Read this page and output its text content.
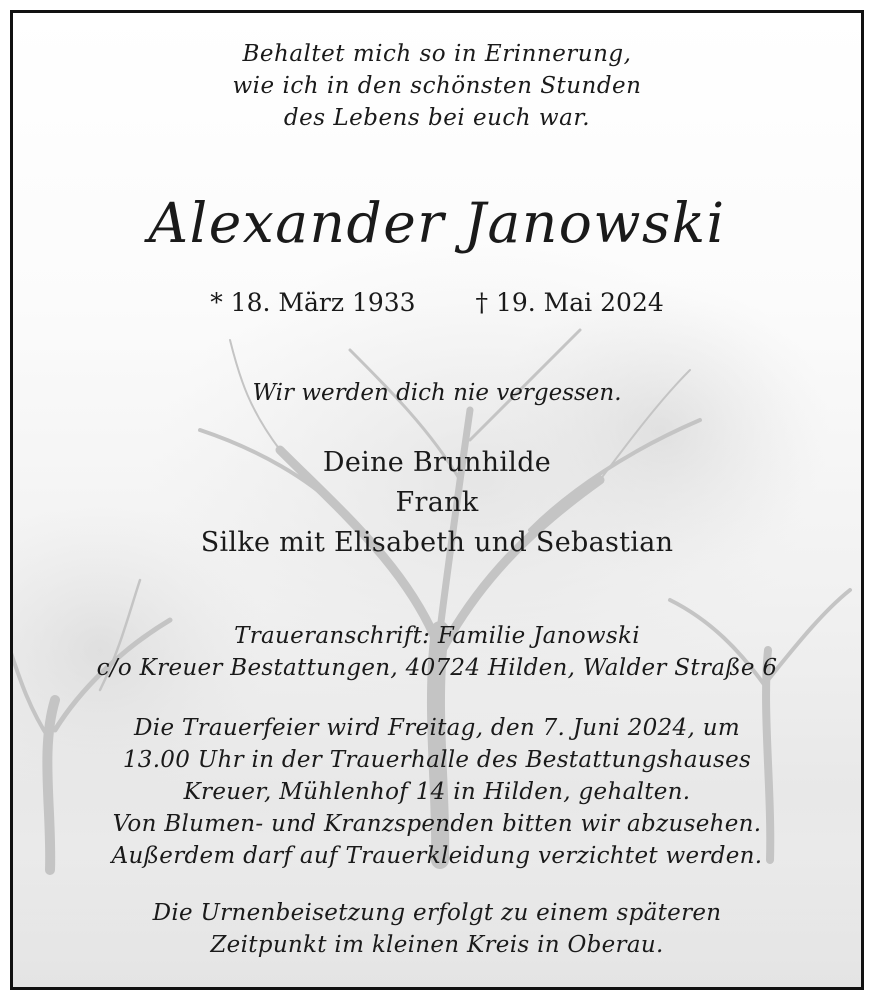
Behaltet mich so in Erinnerung,
wie ich in den schönsten Stunden
des Lebens bei euch war.
Alexander Janowski
* 18. März 1933 † 19. Mai 2024
Wir werden dich nie vergessen.
Deine Brunhilde
Frank
Silke mit Elisabeth und Sebastian
Traueranschrift: Familie Janowski
c/o Kreuer Bestattungen, 40724 Hilden, Walder Straße 6
Die Trauerfeier wird Freitag, den 7. Juni 2024, um
13.00 Uhr in der Trauerhalle des Bestattungshauses
Kreuer, Mühlenhof 14 in Hilden, gehalten.
Von Blumen- und Kranzspenden bitten wir abzusehen.
Außerdem darf auf Trauerkleidung verzichtet werden.
Die Urnenbeisetzung erfolgt zu einem späteren
Zeitpunkt im kleinen Kreis in Oberau.
